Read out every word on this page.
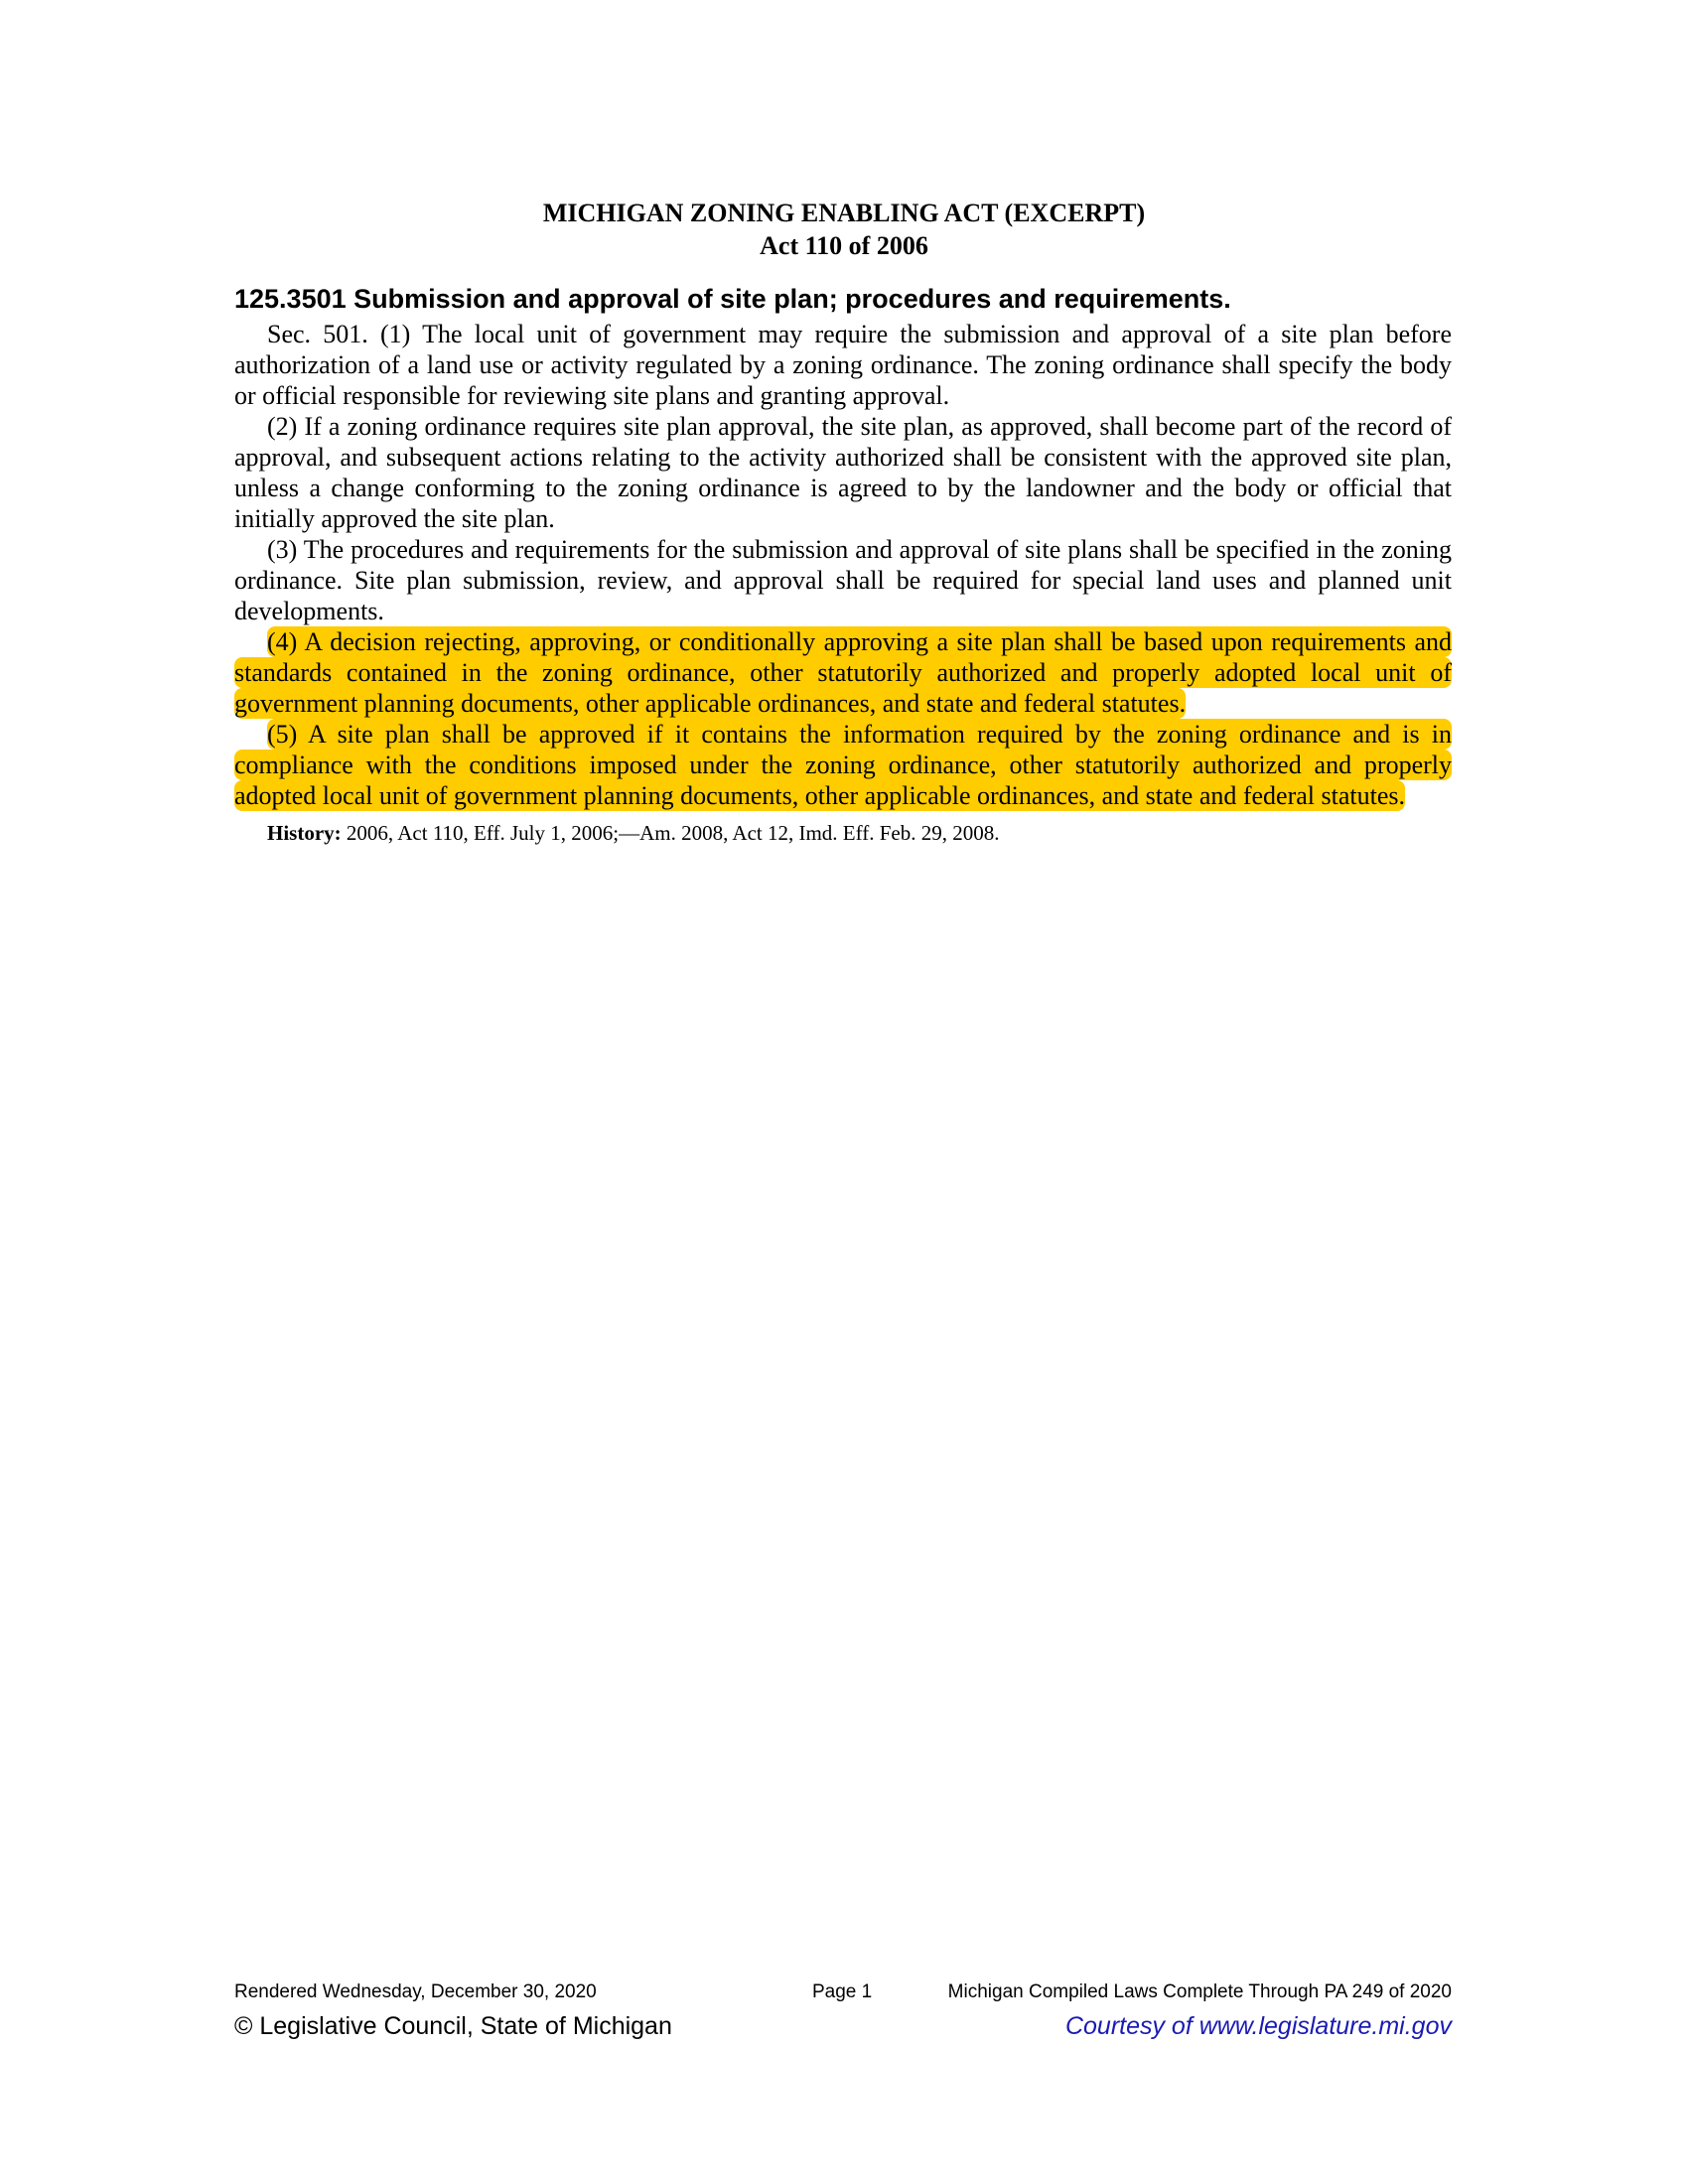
MICHIGAN ZONING ENABLING ACT (EXCERPT)
Act 110 of 2006
125.3501 Submission and approval of site plan; procedures and requirements.

Sec. 501. (1) The local unit of government may require the submission and approval of a site plan before authorization of a land use or activity regulated by a zoning ordinance. The zoning ordinance shall specify the body or official responsible for reviewing site plans and granting approval.

(2) If a zoning ordinance requires site plan approval, the site plan, as approved, shall become part of the record of approval, and subsequent actions relating to the activity authorized shall be consistent with the approved site plan, unless a change conforming to the zoning ordinance is agreed to by the landowner and the body or official that initially approved the site plan.

(3) The procedures and requirements for the submission and approval of site plans shall be specified in the zoning ordinance. Site plan submission, review, and approval shall be required for special land uses and planned unit developments.

(4) A decision rejecting, approving, or conditionally approving a site plan shall be based upon requirements and standards contained in the zoning ordinance, other statutorily authorized and properly adopted local unit of government planning documents, other applicable ordinances, and state and federal statutes.

(5) A site plan shall be approved if it contains the information required by the zoning ordinance and is in compliance with the conditions imposed under the zoning ordinance, other statutorily authorized and properly adopted local unit of government planning documents, other applicable ordinances, and state and federal statutes.

History: 2006, Act 110, Eff. July 1, 2006;—Am. 2008, Act 12, Imd. Eff. Feb. 29, 2008.
Rendered Wednesday, December 30, 2020	Page 1	Michigan Compiled Laws Complete Through PA 249 of 2020
© Legislative Council, State of Michigan	Courtesy of www.legislature.mi.gov
